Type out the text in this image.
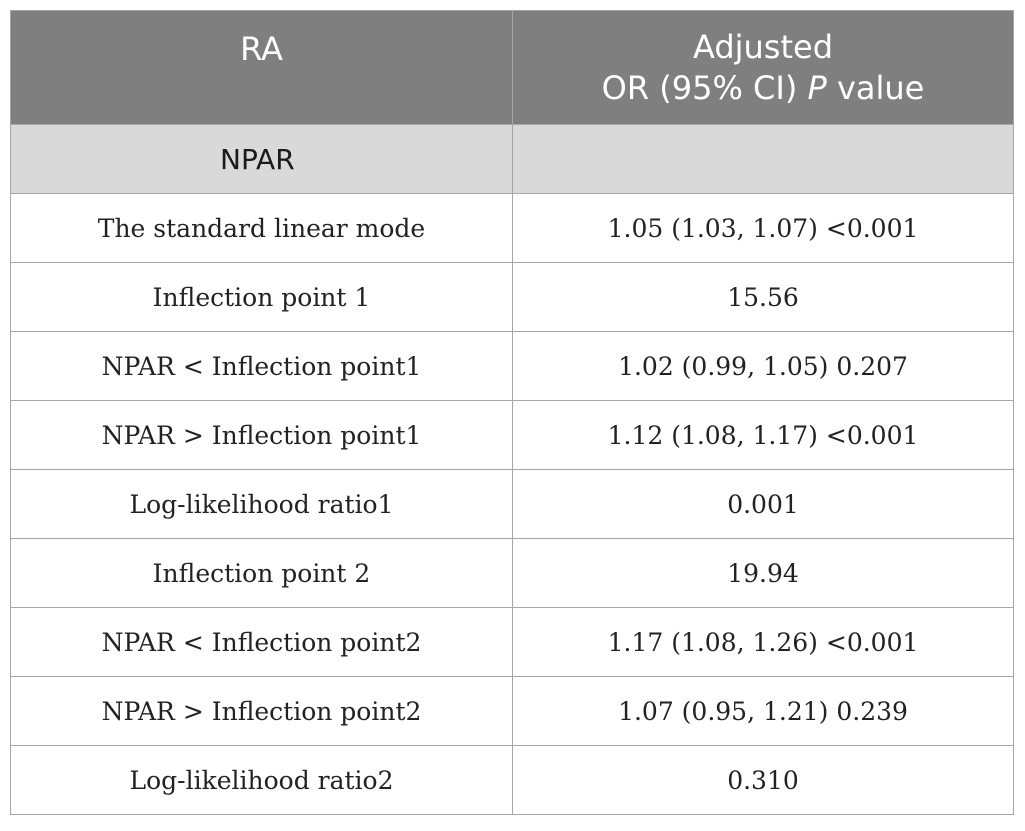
RA	Adjusted
OR (95% CI) P value
NPAR	
The standard linear mode	1.05 (1.03, 1.07) <0.001
Inflection point 1	15.56
NPAR < Inflection point1	1.02 (0.99, 1.05) 0.207
NPAR > Inflection point1	1.12 (1.08, 1.17) <0.001
Log-likelihood ratio1	0.001
Inflection point 2	19.94
NPAR < Inflection point2	1.17 (1.08, 1.26) <0.001
NPAR > Inflection point2	1.07 (0.95, 1.21) 0.239
Log-likelihood ratio2	0.310
